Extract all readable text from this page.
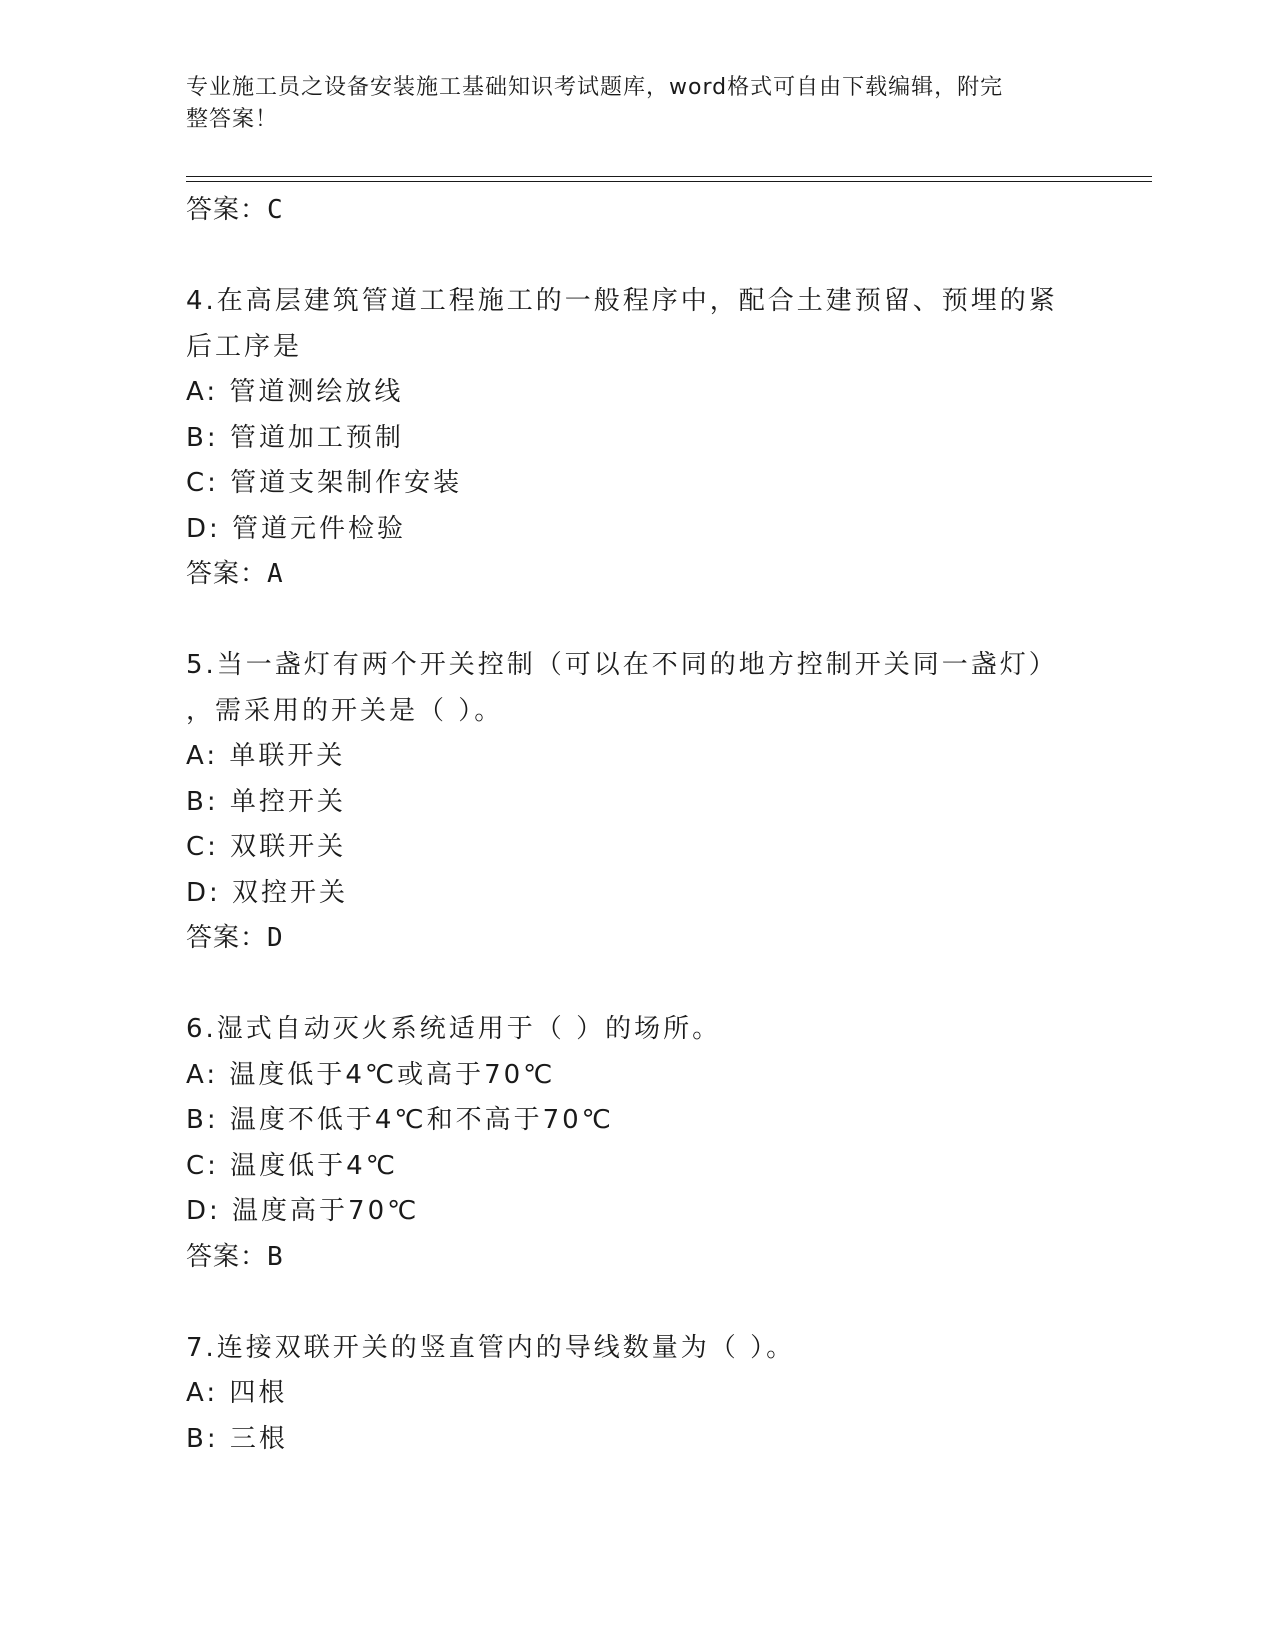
专业施工员之设备安装施工基础知识考试题库，word格式可自由下载编辑，附完
整答案！
答案：C
4.在高层建筑管道工程施工的一般程序中，配合土建预留、预埋的紧
后工序是
A: 管道测绘放线
B: 管道加工预制
C: 管道支架制作安装
D: 管道元件检验
答案：A
5.当一盏灯有两个开关控制（可以在不同的地方控制开关同一盏灯）
，需采用的开关是（ ）。
A: 单联开关
B: 单控开关
C: 双联开关
D: 双控开关
答案：D
6.湿式自动灭火系统适用于（ ）的场所。
A: 温度低于4℃或高于70℃
B: 温度不低于4℃和不高于70℃
C: 温度低于4℃
D: 温度高于70℃
答案：B
7.连接双联开关的竖直管内的导线数量为（ ）。
A: 四根
B: 三根
